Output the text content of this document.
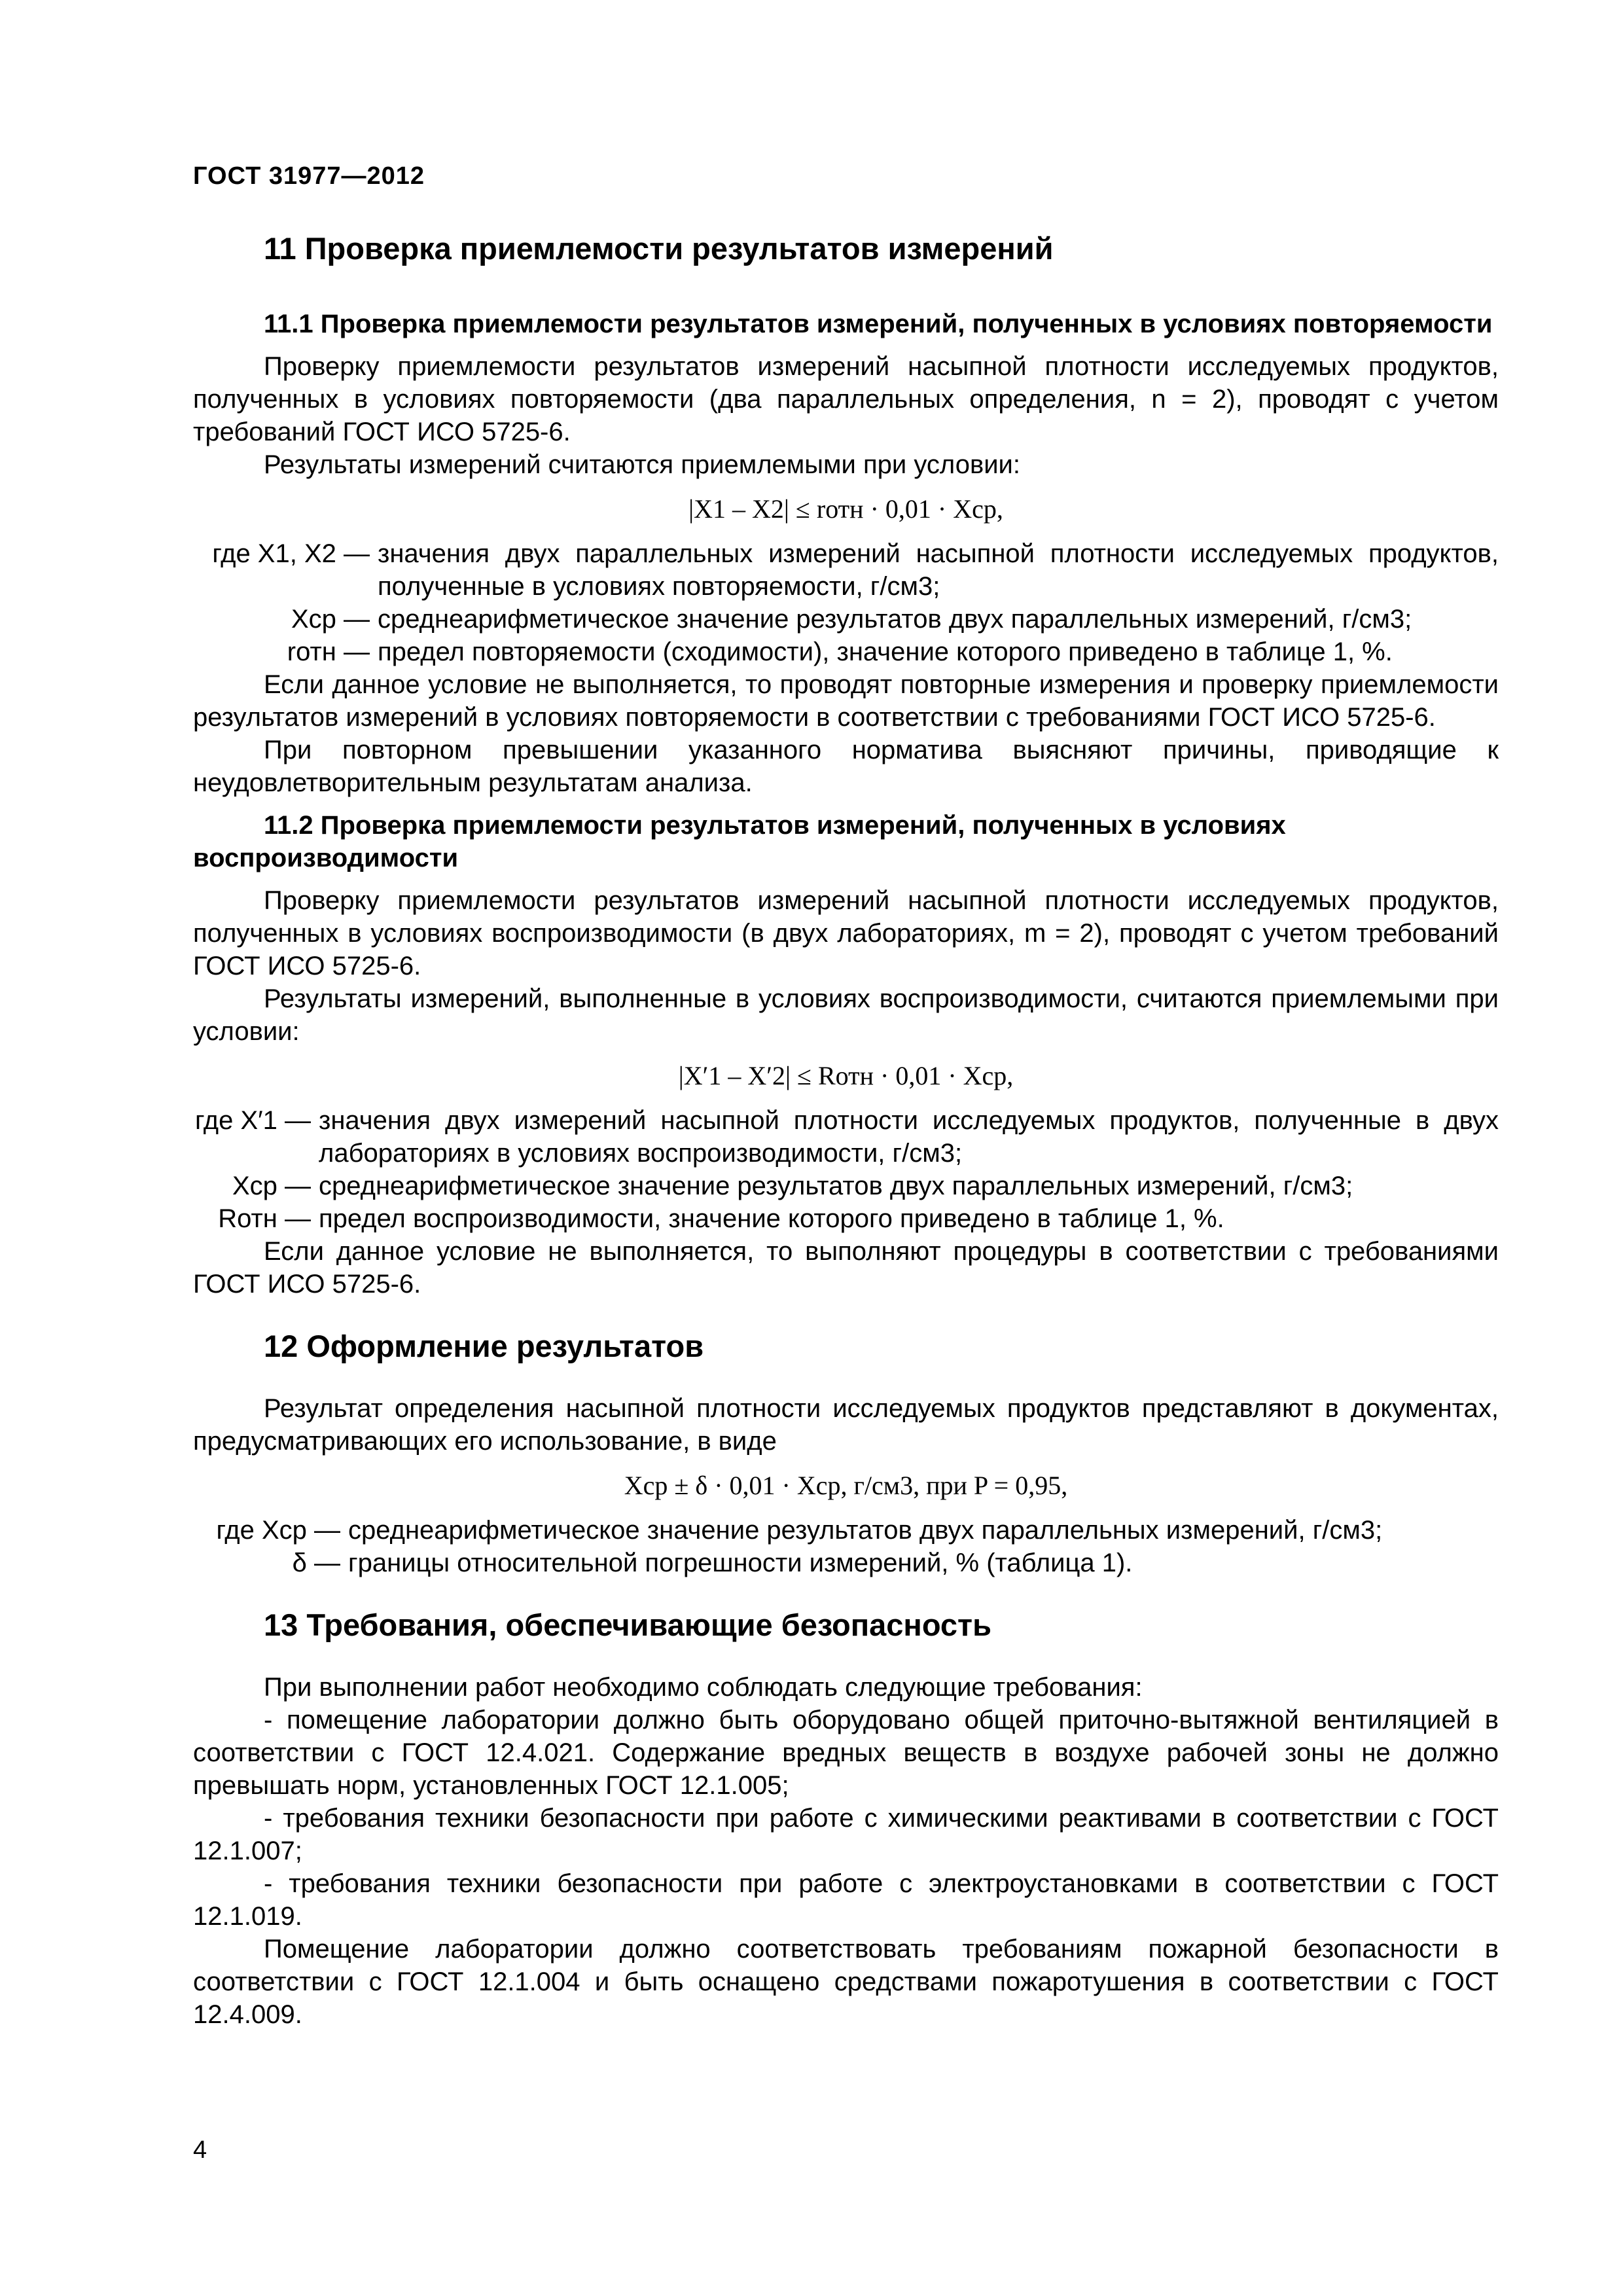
ГОСТ 31977—2012
11 Проверка приемлемости результатов измерений
11.1 Проверка приемлемости результатов измерений, полученных в условиях повторяемости

Проверку приемлемости результатов измерений насыпной плотности исследуемых продуктов, полученных в условиях повторяемости (два параллельных определения, n = 2), проводят с учетом требований ГОСТ ИСО 5725-6.

Результаты измерений считаются приемлемыми при условии:

|X1 – X2| ≤ rотн · 0,01 · Xср,
где X1, X2 — значения двух параллельных измерений насыпной плотности исследуемых продуктов, полученные в условиях повторяемости, г/см3;
Xср — среднеарифметическое значение результатов двух параллельных измерений, г/см3;
rотн — предел повторяемости (сходимости), значение которого приведено в таблице 1, %.

Если данное условие не выполняется, то проводят повторные измерения и проверку приемлемости результатов измерений в условиях повторяемости в соответствии с требованиями ГОСТ ИСО 5725-6.

При повторном превышении указанного норматива выясняют причины, приводящие к неудовлетворительным результатам анализа.

11.2 Проверка приемлемости результатов измерений, полученных в условиях воспроизводимости

Проверку приемлемости результатов измерений насыпной плотности исследуемых продуктов, полученных в условиях воспроизводимости (в двух лабораториях, m = 2), проводят с учетом требований ГОСТ ИСО 5725-6.

Результаты измерений, выполненные в условиях воспроизводимости, считаются приемлемыми при условии:

|X′1 – X′2| ≤ Rотн · 0,01 · Xср,
где X′1 — значения двух измерений насыпной плотности исследуемых продуктов, полученные в двух лабораториях в условиях воспроизводимости, г/см3;
Xср — среднеарифметическое значение результатов двух параллельных измерений, г/см3;
Rотн — предел воспроизводимости, значение которого приведено в таблице 1, %.

Если данное условие не выполняется, то выполняют процедуры в соответствии с требованиями ГОСТ ИСО 5725-6.

12 Оформление результатов

Результат определения насыпной плотности исследуемых продуктов представляют в документах, предусматривающих его использование, в виде

Xср ± δ · 0,01 · Xср, г/см3, при P = 0,95,
где Xср — среднеарифметическое значение результатов двух параллельных измерений, г/см3;
δ — границы относительной погрешности измерений, % (таблица 1).
13 Требования, обеспечивающие безопасность

При выполнении работ необходимо соблюдать следующие требования:

- помещение лаборатории должно быть оборудовано общей приточно-вытяжной вентиляцией в соответствии с ГОСТ 12.4.021. Содержание вредных веществ в воздухе рабочей зоны не должно превышать норм, установленных ГОСТ 12.1.005;

- требования техники безопасности при работе с химическими реактивами в соответствии с ГОСТ 12.1.007;

- требования техники безопасности при работе с электроустановками в соответствии с ГОСТ 12.1.019.

Помещение лаборатории должно соответствовать требованиям пожарной безопасности в соответствии с ГОСТ 12.1.004 и быть оснащено средствами пожаротушения в соответствии с ГОСТ 12.4.009.

4
